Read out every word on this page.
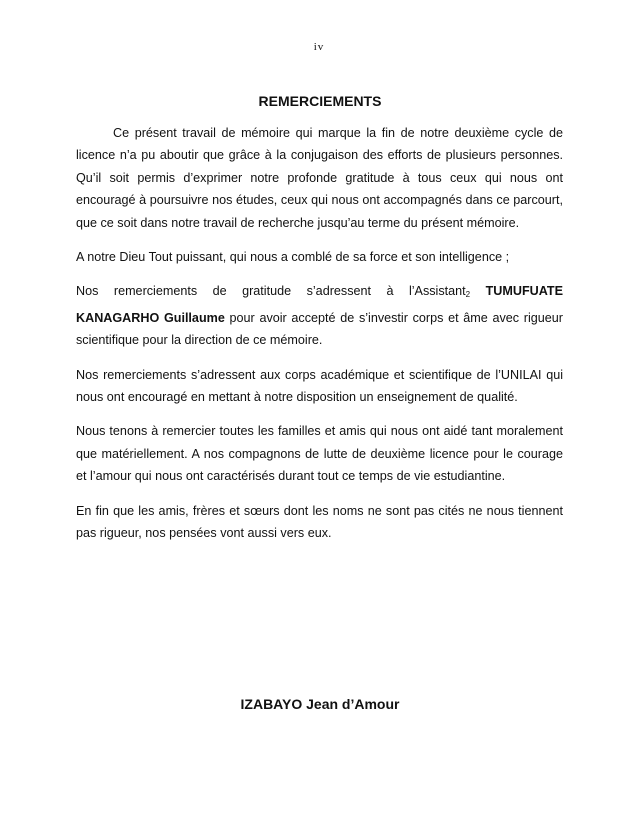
iv
REMERCIEMENTS

Ce présent travail de mémoire qui marque la fin de notre deuxième cycle de licence n’a pu aboutir que grâce à la conjugaison des efforts de plusieurs personnes. Qu’il soit permis d’exprimer notre profonde gratitude à tous ceux qui nous ont encouragé à poursuivre nos études, ceux qui nous ont accompagnés dans ce parcourt, que ce soit dans notre travail de recherche jusqu’au terme du présent mémoire.

A notre Dieu Tout puissant, qui nous a comblé de sa force et son intelligence ;

Nos remerciements de gratitude s’adressent à l’Assistant$_2$ TUMUFUATE KANAGARHO Guillaume pour avoir accepté de s’investir corps et âme avec rigueur scientifique pour la direction de ce mémoire.

Nos remerciements s’adressent aux corps académique et scientifique de l’UNILAI qui nous ont encouragé en mettant à notre disposition un enseignement de qualité.

Nous tenons à remercier toutes les familles et amis qui nous ont aidé tant moralement que matériellement. A nos compagnons de lutte de deuxième licence pour le courage et l’amour qui nous ont caractérisés durant tout ce temps de vie estudiantine.

En fin que les amis, frères et sœurs dont les noms ne sont pas cités ne nous tiennent pas rigueur, nos pensées vont aussi vers eux.

IZABAYO Jean d’Amour
